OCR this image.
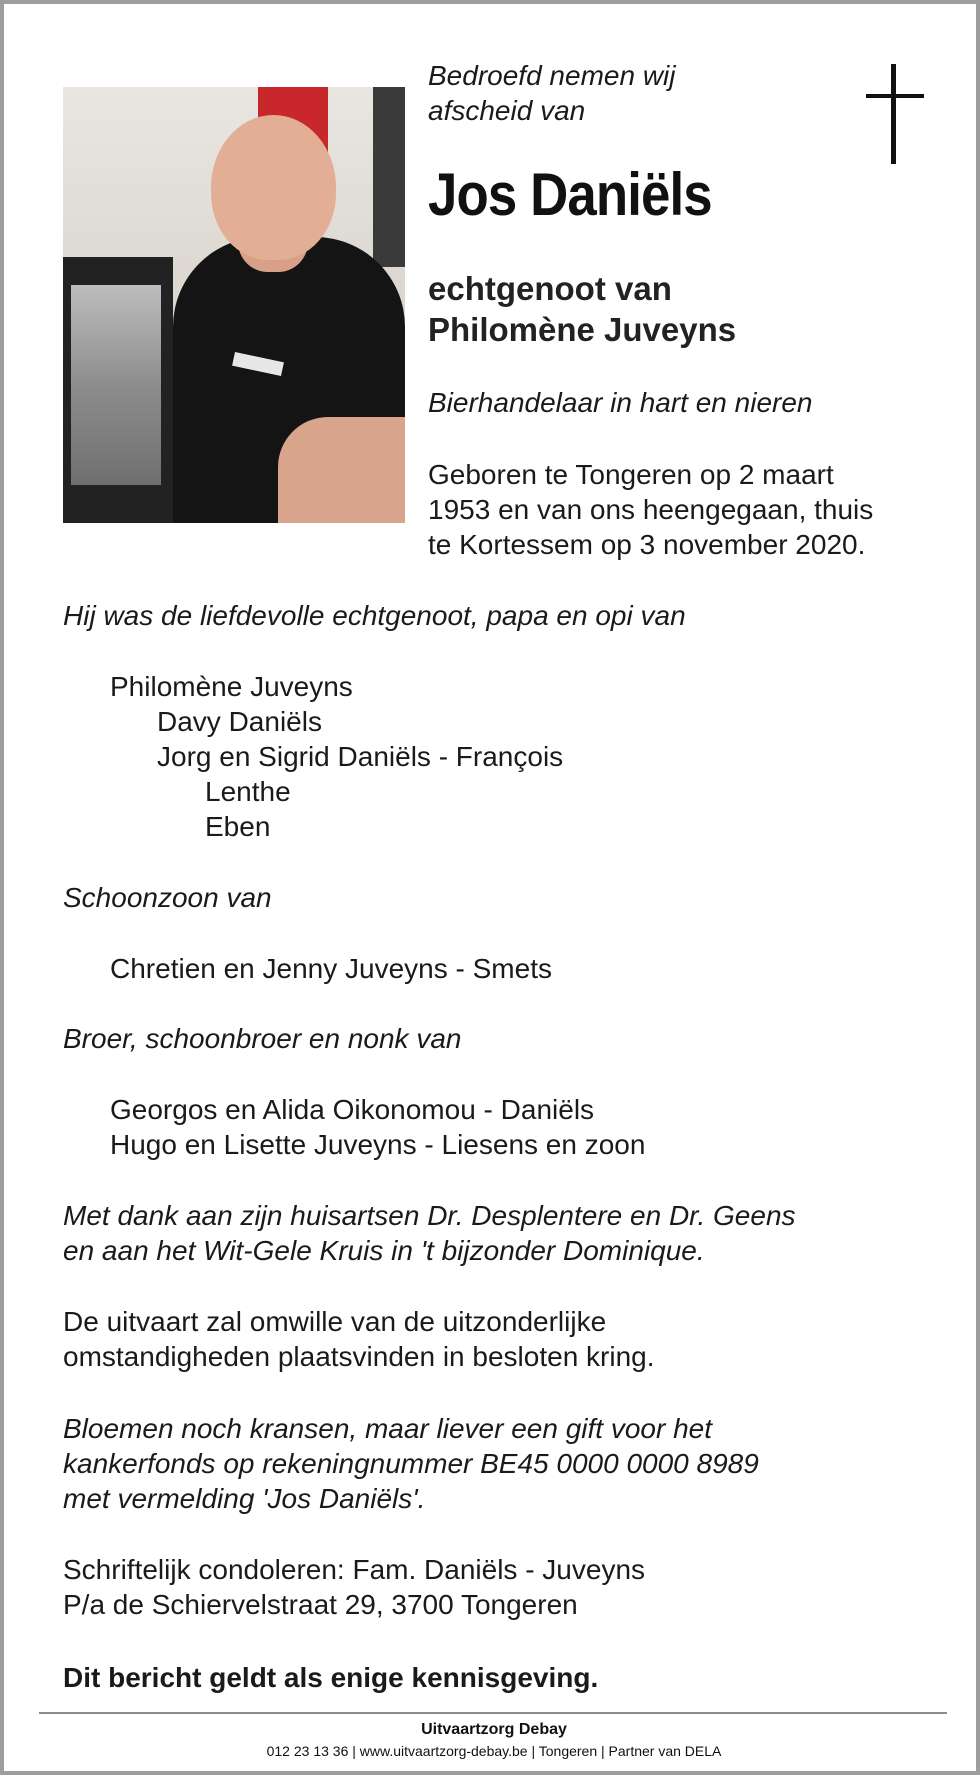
Bedroefd nemen wij
afscheid van
Jos Daniëls
echtgenoot van
Philomène Juveyns
Bierhandelaar in hart en nieren
Geboren te Tongeren op 2 maart
1953 en van ons heengegaan, thuis
te Kortessem op 3 november 2020.
Hij was de liefdevolle echtgenoot, papa en opi van
Philomène Juveyns
Davy Daniëls
Jorg en Sigrid Daniëls - François
Lenthe
Eben
Schoonzoon van
Chretien en Jenny Juveyns - Smets
Broer, schoonbroer en nonk van
Georgos en Alida Oikonomou - Daniëls
Hugo en Lisette Juveyns - Liesens en zoon
Met dank aan zijn huisartsen Dr. Desplentere en Dr. Geens
en aan het Wit-Gele Kruis in 't bijzonder Dominique.
De uitvaart zal omwille van de uitzonderlijke
omstandigheden plaatsvinden in besloten kring.
Bloemen noch kransen, maar liever een gift voor het
kankerfonds op rekeningnummer BE45 0000 0000 8989
met vermelding 'Jos Daniëls'.
Schriftelijk condoleren: Fam. Daniëls - Juveyns
P/a de Schiervelstraat 29, 3700 Tongeren
Dit bericht geldt als enige kennisgeving.
Uitvaartzorg Debay
012 23 13 36 | www.uitvaartzorg-debay.be | Tongeren | Partner van DELA
